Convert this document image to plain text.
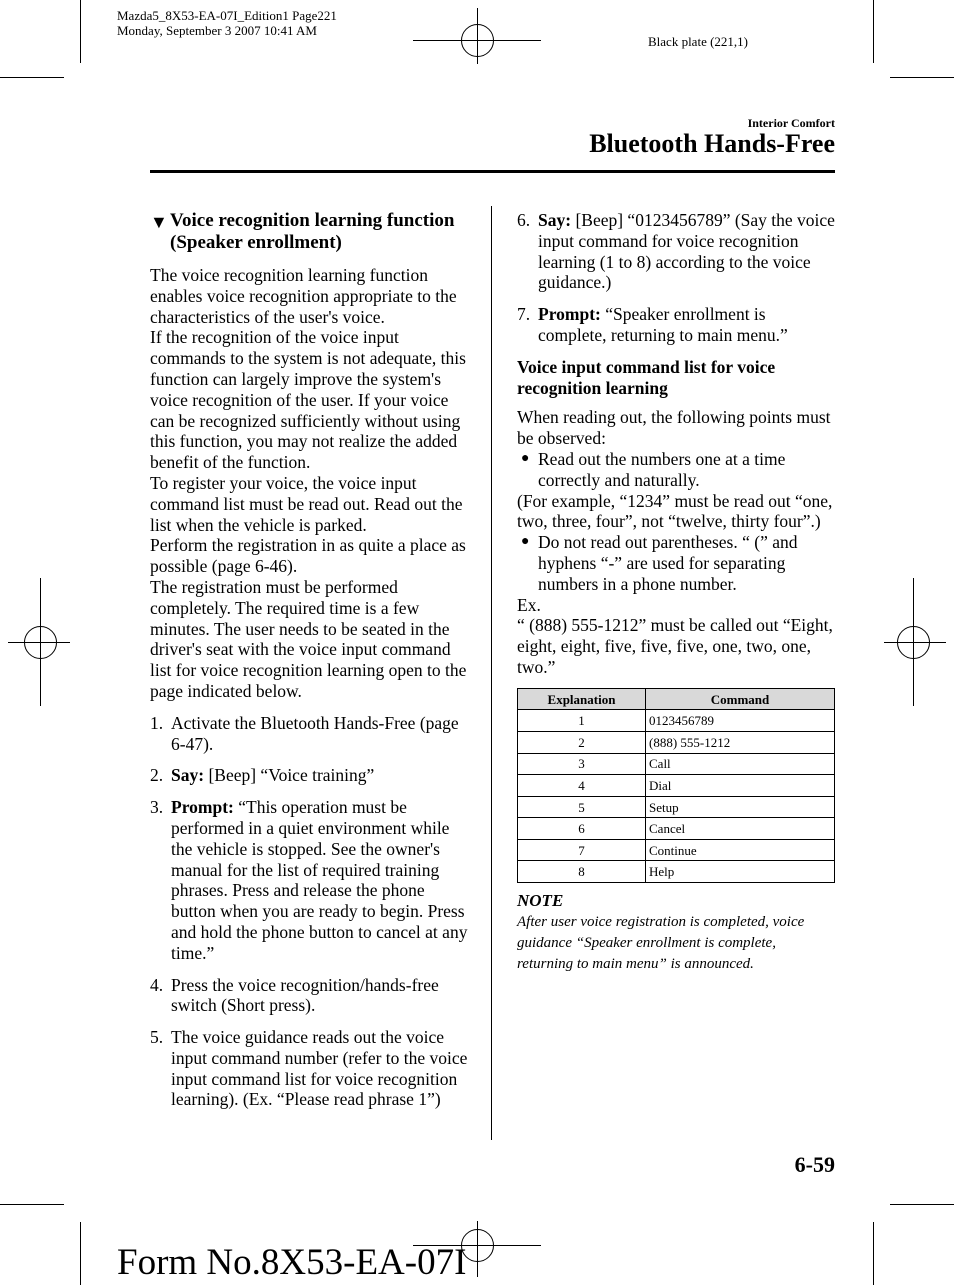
Mazda5_8X53-EA-07I_Edition1 Page221
Monday, September 3 2007 10:41 AM
Black plate (221,1)
Interior Comfort
Bluetooth Hands-Free
▼ Voice recognition learning function (Speaker enrollment)

The voice recognition learning function enables voice recognition appropriate to the characteristics of the user's voice.

If the recognition of the voice input commands to the system is not adequate, this function can largely improve the system's voice recognition of the user. If your voice can be recognized sufficiently without using this function, you may not realize the added benefit of the function.

To register your voice, the voice input command list must be read out. Read out the list when the vehicle is parked.

Perform the registration in as quite a place as possible (page 6-46).

The registration must be performed completely. The required time is a few minutes. The user needs to be seated in the driver's seat with the voice input command list for voice recognition learning open to the page indicated below.

1. Activate the Bluetooth Hands-Free (page 6-47).
2. Say: [Beep] “Voice training”
3. Prompt: “This operation must be performed in a quiet environment while the vehicle is stopped. See the owner's manual for the list of required training phrases. Press and release the phone button when you are ready to begin. Press and hold the phone button to cancel at any time.”
4. Press the voice recognition/hands-free switch (Short press).
5. The voice guidance reads out the voice input command number (refer to the voice input command list for voice recognition learning). (Ex. “Please read phrase 1”)
6. Say: [Beep] “0123456789” (Say the voice input command for voice recognition learning (1 to 8) according to the voice guidance.)
7. Prompt: “Speaker enrollment is complete, returning to main menu.”
Voice input command list for voice recognition learning

When reading out, the following points must be observed:

● Read out the numbers one at a time correctly and naturally.

(For example, “1234” must be read out “one, two, three, four”, not “twelve, thirty four”.)

● Do not read out parentheses. “ (” and hyphens “-” are used for separating numbers in a phone number.

Ex.

“ (888) 555-1212” must be called out “Eight, eight, eight, five, five, five, one, two, one, two.”

Explanation	Command
1	0123456789
2	(888) 555-1212
3	Call
4	Dial
5	Setup
6	Cancel
7	Continue
8	Help
NOTE
After user voice registration is completed, voice guidance “Speaker enrollment is complete, returning to main menu” is announced.
6-59
Form No.8X53-EA-07I
